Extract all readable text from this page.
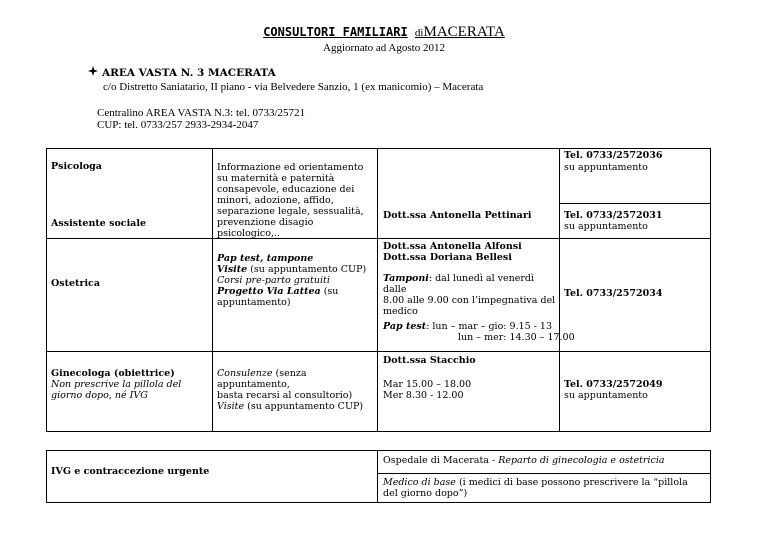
CONSULTORI FAMILIARI diMACERATA
Aggiornato ad Agosto 2012
AREA VASTA N. 3 MACERATA
c/o Distretto Saniatario, II piano - via Belvedere Sanzio, 1 (ex manicomio) – Macerata
Centralino AREA VASTA N.3: tel. 0733/25721
CUP: tel. 0733/257 2933-2934-2047
Psicologa
Assistente sociale
Informazione ed orientamento su maternità e paternità consapevole, educazione dei minori, adozione, affido, separazione legale, sessualità, prevenzione disagio psicologico,..
Tel. 0733/2572036
su appuntamento
Dott.ssa Antonella Pettinari	Tel. 0733/2572031
su appuntamento
Ostetrica
Pap test, tampone
Visite (su appuntamento CUP)
Corsi pre-parto gratuiti
Progetto Via Lattea (su
appuntamento)
Dott.ssa Antonella Alfonsi
Dott.ssa Doriana Bellesi
Tamponi: dal lunedì al venerdì dalle
8.00 alle 9.00 con l’impegnativa del
medico
Tel. 0733/2572034
Pap test: lun – mar – gio: 9.15 - 13
lun – mer: 14.30 – 17.00
Ginecologa (obiettrice)
Non prescrive la pillola del giorno dopo, né IVG
Consulenze (senza appuntamento,
basta recarsi al consultorio)
Visite (su appuntamento CUP)
Dott.ssa Stacchio
Mar 15.00 – 18.00
Mer 8.30 - 12.00
Tel. 0733/2572049
su appuntamento
IVG e contraccezione urgente
Ospedale di Macerata - Reparto di ginecologia e ostetricia
Medico di base (i medici di base possono prescrivere la “pillola del giorno dopo”)
